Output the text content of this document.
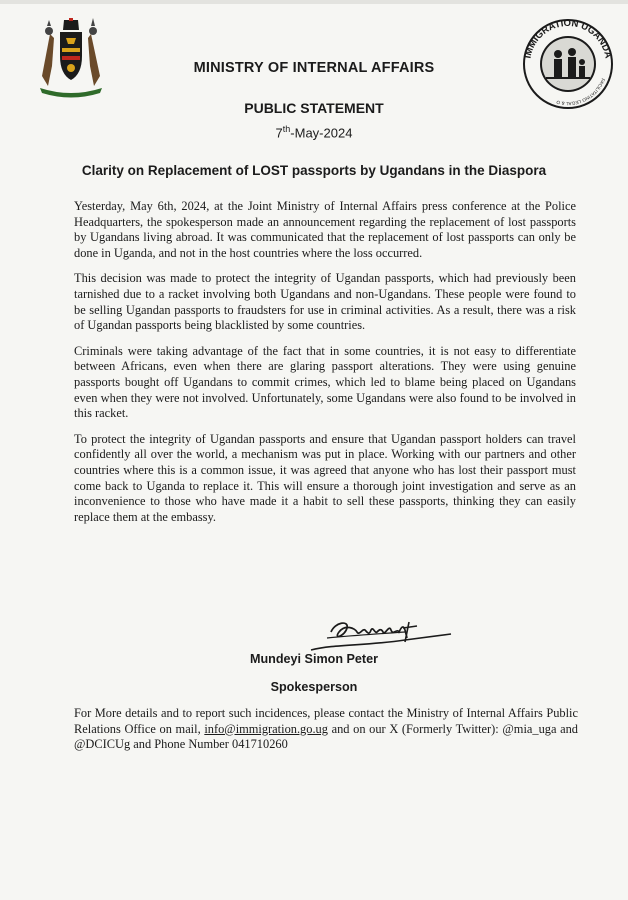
IMMIGRATION UGANDA
FACILITATING LEGAL & O
MINISTRY OF INTERNAL AFFAIRS
PUBLIC STATEMENT
7th-May-2024
Clarity on Replacement of LOST passports by Ugandans in the Diaspora

Yesterday, May 6th, 2024, at the Joint Ministry of Internal Affairs press conference at the Police Headquarters, the spokesperson made an announcement regarding the replacement of lost passports by Ugandans living abroad. It was communicated that the replacement of lost passports can only be done in Uganda, and not in the host countries where the loss occurred.

This decision was made to protect the integrity of Ugandan passports, which had previously been tarnished due to a racket involving both Ugandans and non-Ugandans. These people were found to be selling Ugandan passports to fraudsters for use in criminal activities. As a result, there was a risk of Ugandan passports being blacklisted by some countries.

Criminals were taking advantage of the fact that in some countries, it is not easy to differentiate between Africans, even when there are glaring passport alterations. They were using genuine passports bought off Ugandans to commit crimes, which led to blame being placed on Ugandans even when they were not involved. Unfortunately, some Ugandans were also found to be involved in this racket.

To protect the integrity of Ugandan passports and ensure that Ugandan passport holders can travel confidently all over the world, a mechanism was put in place. Working with our partners and other countries where this is a common issue, it was agreed that anyone who has lost their passport must come back to Uganda to replace it. This will ensure a thorough joint investigation and serve as an inconvenience to those who have made it a habit to sell these passports, thinking they can easily replace them at the embassy.

Mundeyi Simon Peter
Spokesperson

For More details and to report such incidences, please contact the Ministry of Internal Affairs Public Relations Office on mail, info@immigration.go.ug and on our X (Formerly Twitter): @mia_uga and @DCICUg and Phone Number 041710260
